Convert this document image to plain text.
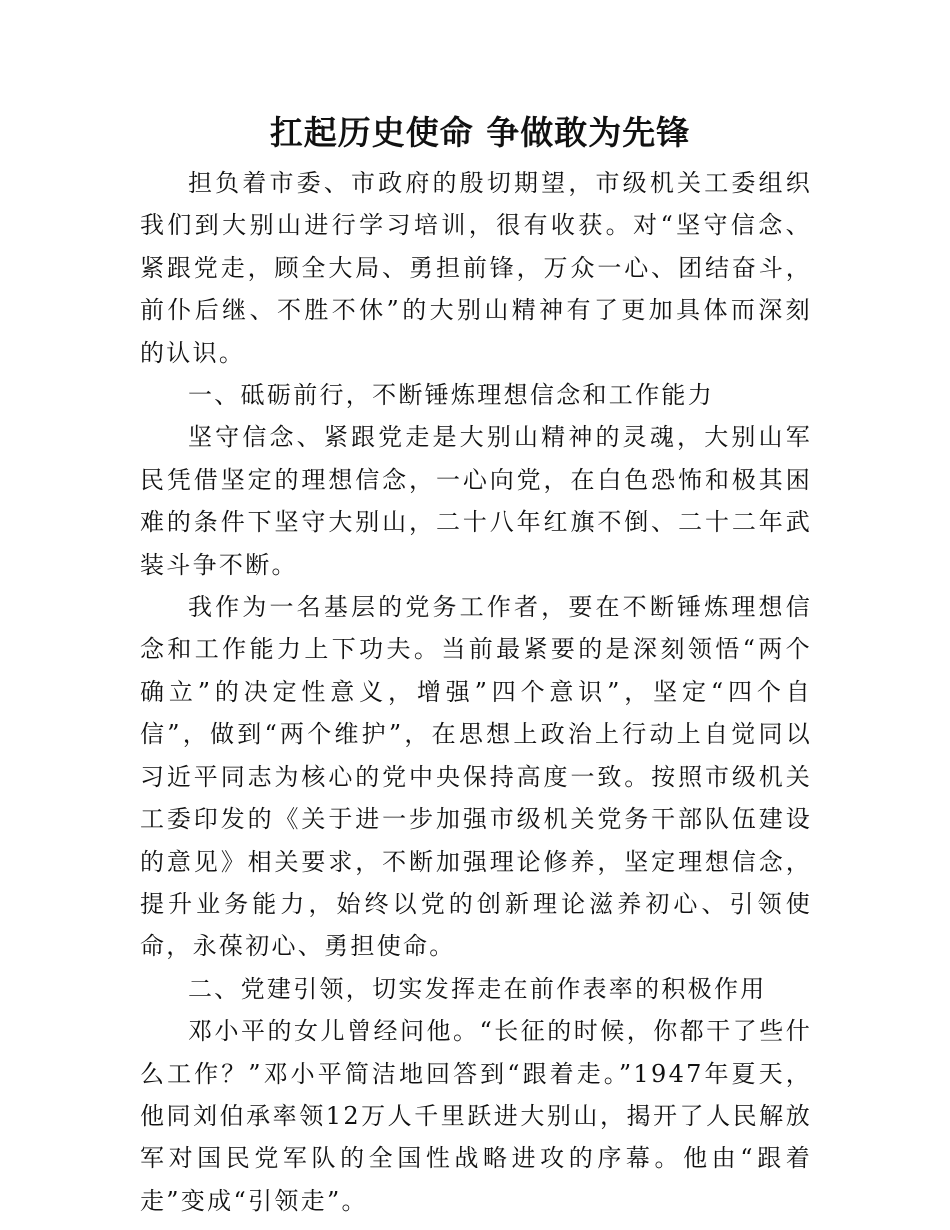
扛起历史使命 争做敢为先锋

担负着市委、市政府的殷切期望，市级机关工委组织我们到大别山进行学习培训，很有收获。对“坚守信念、紧跟党走，顾全大局、勇担前锋，万众一心、团结奋斗，前仆后继、不胜不休”的大别山精神有了更加具体而深刻的认识。

一、砥砺前行，不断锤炼理想信念和工作能力

坚守信念、紧跟党走是大别山精神的灵魂，大别山军民凭借坚定的理想信念，一心向党，在白色恐怖和极其困难的条件下坚守大别山，二十八年红旗不倒、二十二年武装斗争不断。

我作为一名基层的党务工作者，要在不断锤炼理想信念和工作能力上下功夫。当前最紧要的是深刻领悟“两个确立”的决定性意义，增强”四个意识”，坚定“四个自信”，做到“两个维护”，在思想上政治上行动上自觉同以习近平同志为核心的党中央保持高度一致。按照市级机关工委印发的《关于进一步加强市级机关党务干部队伍建设的意见》相关要求，不断加强理论修养，坚定理想信念，提升业务能力，始终以党的创新理论滋养初心、引领使命，永葆初心、勇担使命。

二、党建引领，切实发挥走在前作表率的积极作用

邓小平的女儿曾经问他。“长征的时候，你都干了些什么工作？”邓小平简洁地回答到“跟着走。”1947年夏天，他同刘伯承率领12万人千里跃进大别山，揭开了人民解放军对国民党军队的全国性战略进攻的序幕。他由“跟着走”变成“引领走”。
